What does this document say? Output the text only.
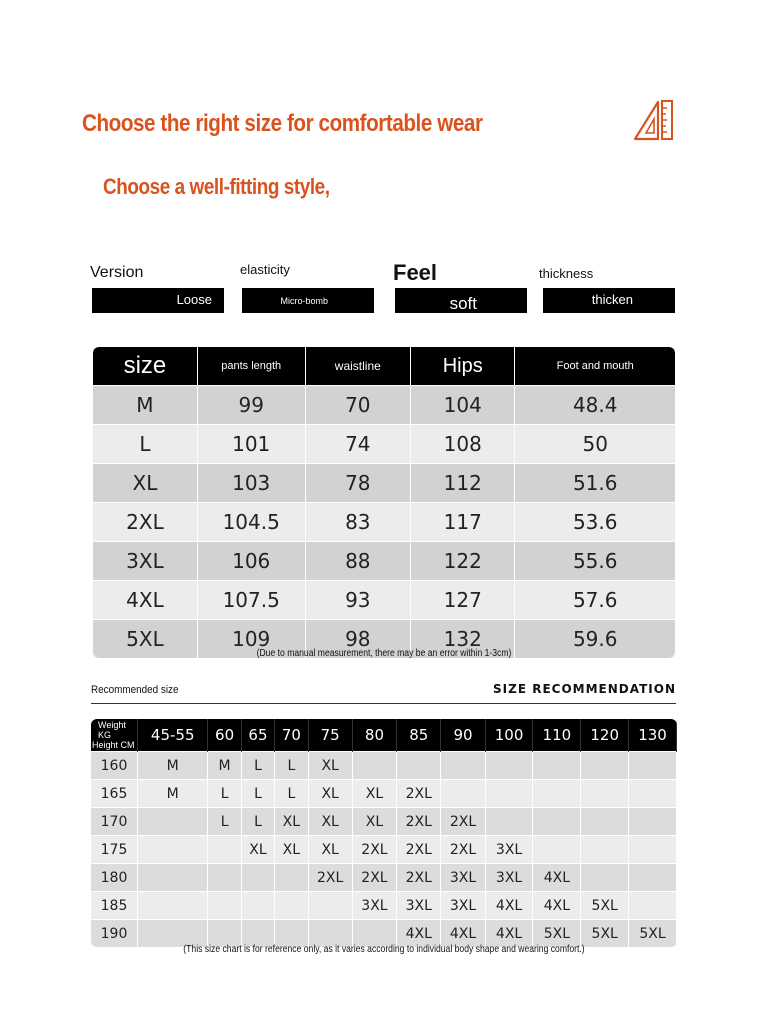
Choose the right size for comfortable wear
Choose a well-fitting style,
Version
Loose
elasticity
Micro-bomb
Feel
soft
thickness
thicken
size	pants length	waistline	Hips	Foot and mouth
M	99	70	104	48.4
L	101	74	108	50
XL	103	78	112	51.6
2XL	104.5	83	117	53.6
3XL	106	88	122	55.6
4XL	107.5	93	127	57.6
5XL	109	98	132	59.6
(Due to manual measurement, there may be an error within 1-3cm)
Recommended size	SIZE RECOMMENDATION
Weight KG
Height CM	45-55	60	65	70	75	80	85	90	100	110	120	130
160	M	M	L	L	XL							
165	M	L	L	L	XL	XL	2XL					
170		L	L	XL	XL	XL	2XL	2XL				
175			XL	XL	XL	2XL	2XL	2XL	3XL			
180					2XL	2XL	2XL	3XL	3XL	4XL		
185						3XL	3XL	3XL	4XL	4XL	5XL	
190							4XL	4XL	4XL	5XL	5XL	5XL
(This size chart is for reference only, as it varies according to individual body shape and wearing comfort.)
